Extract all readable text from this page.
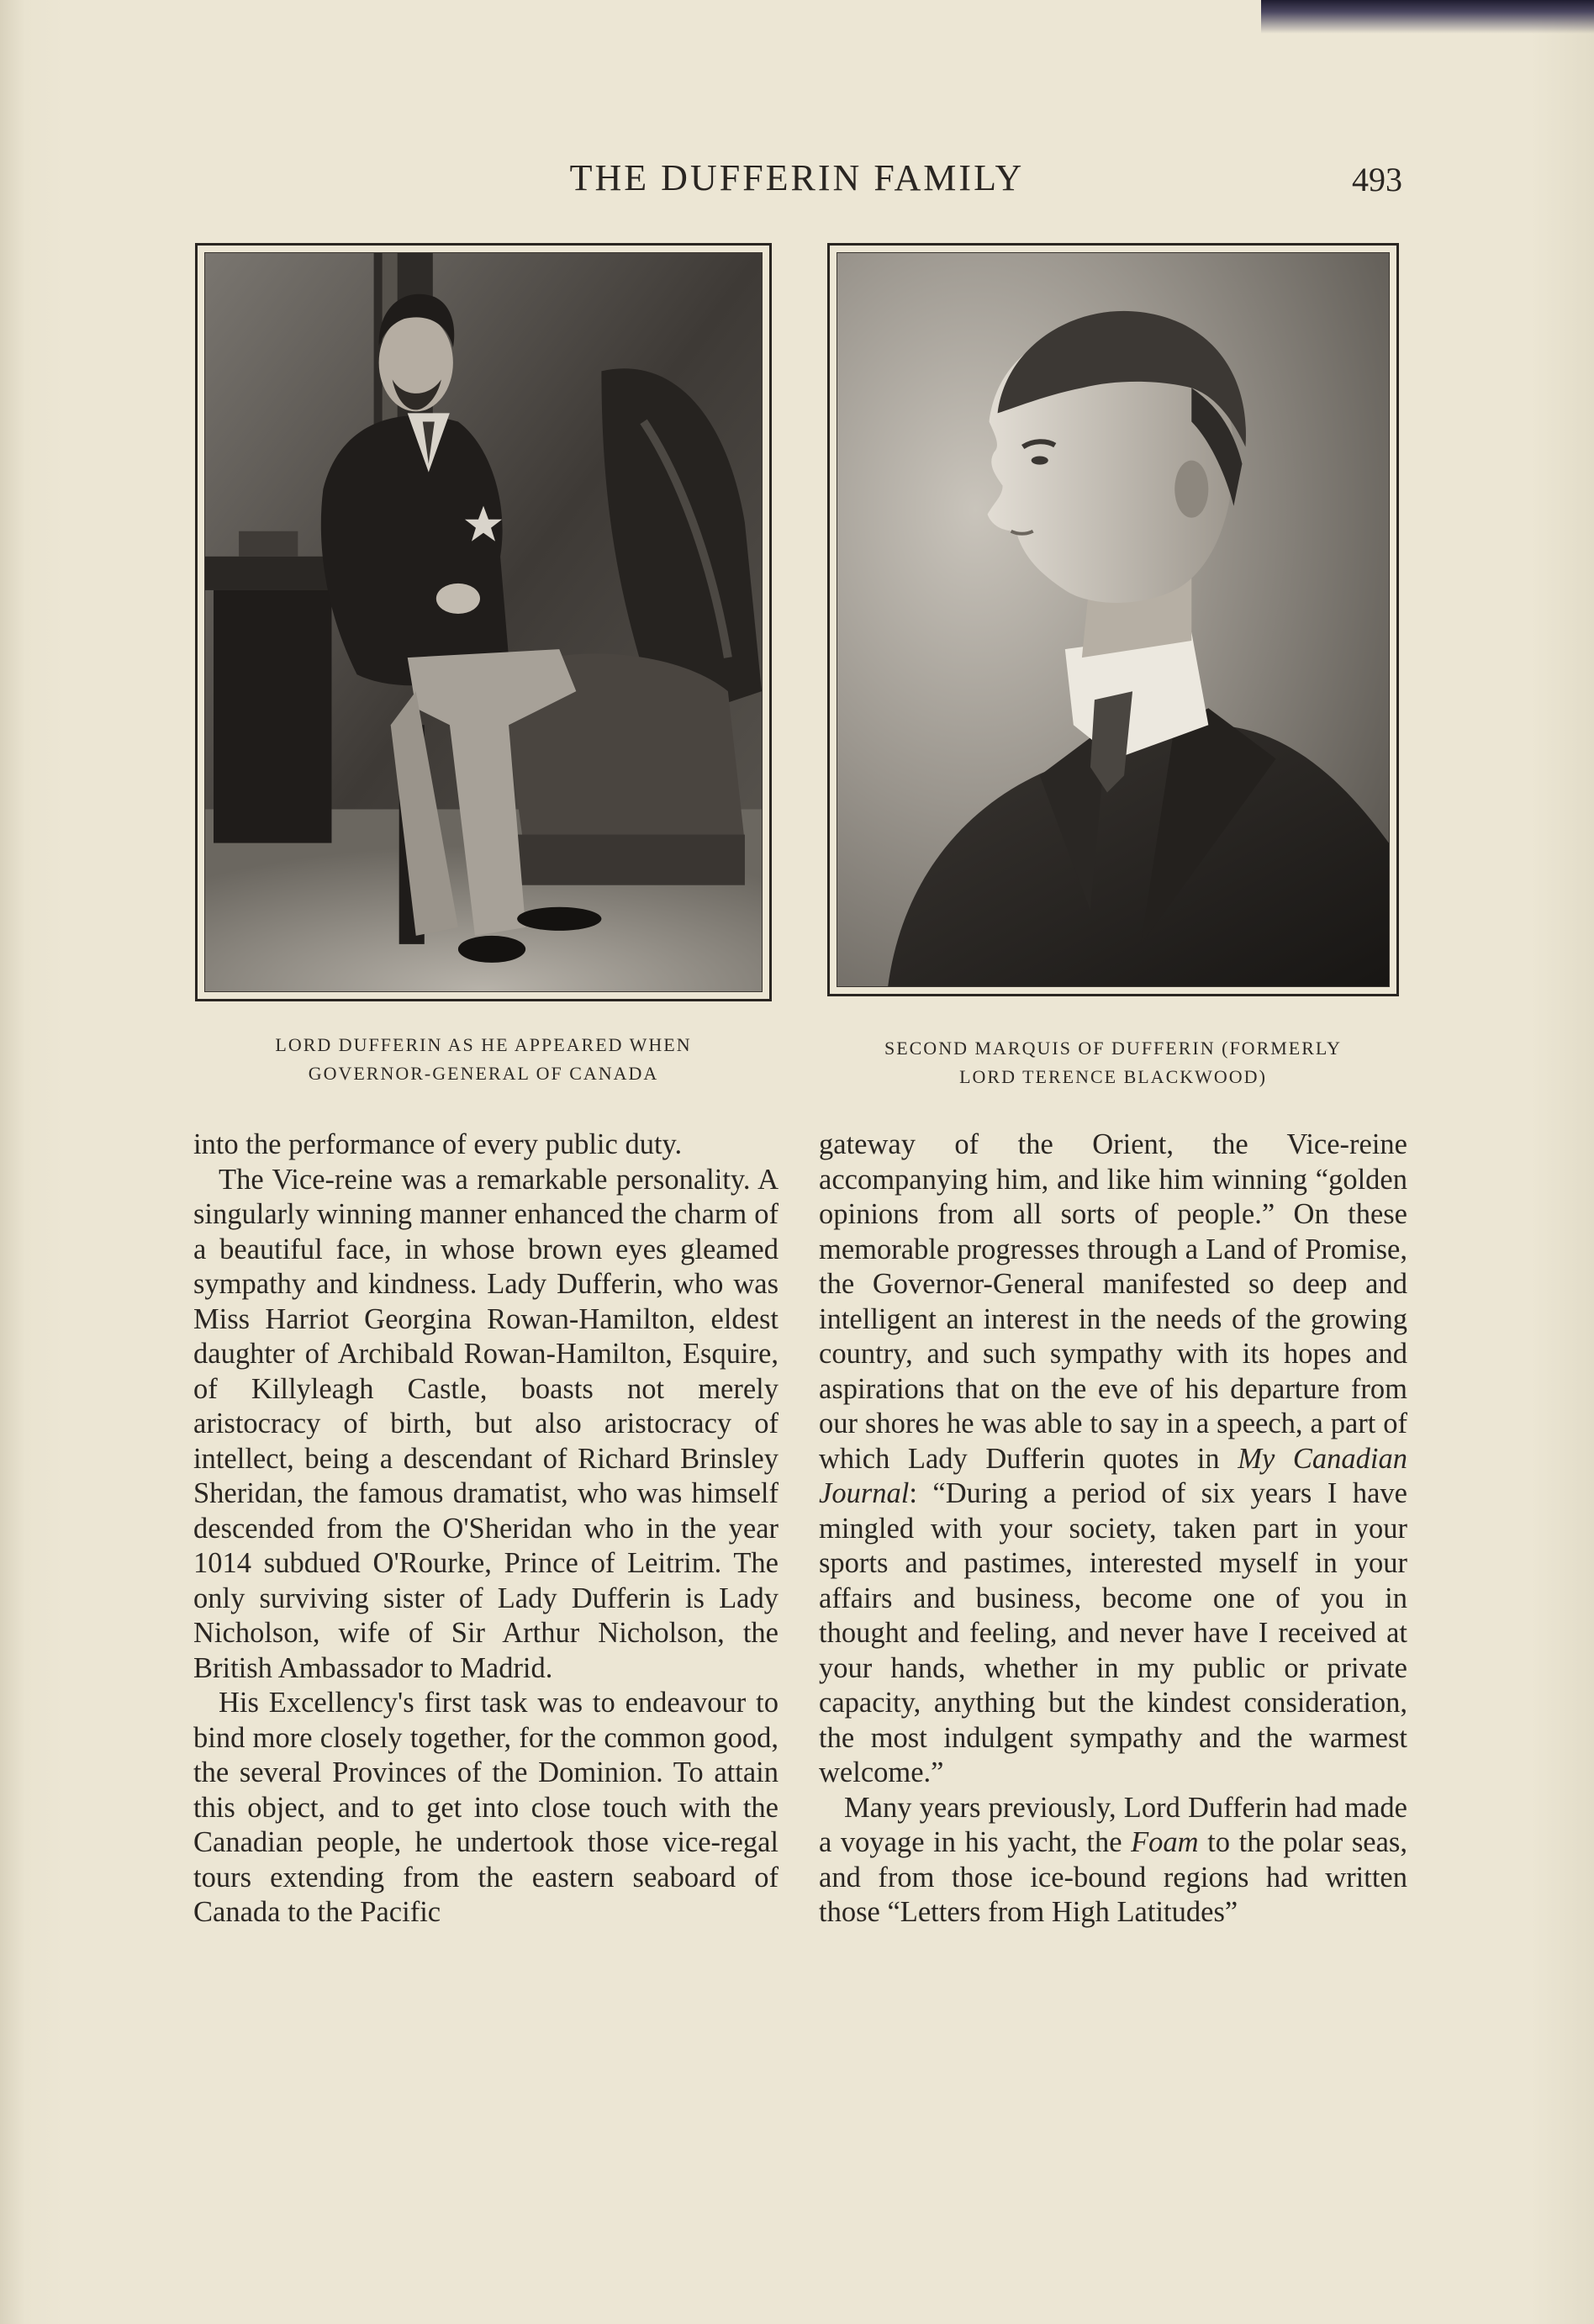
THE DUFFERIN FAMILY	493
LORD DUFFERIN AS HE APPEARED WHEN
GOVERNOR-GENERAL OF CANADA
SECOND MARQUIS OF DUFFERIN (FORMERLY
LORD TERENCE BLACKWOOD)

into the performance of every public duty.

The Vice-reine was a remarkable personality. A singularly winning manner enhanced the charm of a beautiful face, in whose brown eyes gleamed sympathy and kindness. Lady Dufferin, who was Miss Harriot Georgina Rowan-Hamilton, eldest daughter of Archibald Rowan-Hamilton, Esquire, of Killyleagh Castle, boasts not merely aristocracy of birth, but also aristocracy of intellect, being a descendant of Richard Brinsley Sheridan, the famous dramatist, who was himself descended from the O'Sheridan who in the year 1014 subdued O'Rourke, Prince of Leitrim. The only surviving sister of Lady Dufferin is Lady Nicholson, wife of Sir Arthur Nicholson, the British Ambassador to Madrid.

His Excellency's first task was to endeavour to bind more closely together, for the common good, the several Provinces of the Dominion. To attain this object, and to get into close touch with the Canadian people, he undertook those vice-regal tours extending from the eastern seaboard of Canada to the Pacific

gateway of the Orient, the Vice-reine accompanying him, and like him winning “golden opinions from all sorts of people.” On these memorable progresses through a Land of Promise, the Governor-General manifested so deep and intelligent an interest in the needs of the growing country, and such sympathy with its hopes and aspirations that on the eve of his departure from our shores he was able to say in a speech, a part of which Lady Dufferin quotes in My Canadian Journal: “During a period of six years I have mingled with your society, taken part in your sports and pastimes, interested myself in your affairs and business, become one of you in thought and feeling, and never have I received at your hands, whether in my public or private capacity, anything but the kindest consideration, the most indulgent sympathy and the warmest welcome.”

Many years previously, Lord Dufferin had made a voyage in his yacht, the Foam to the polar seas, and from those ice-bound regions had written those “Letters from High Latitudes”
